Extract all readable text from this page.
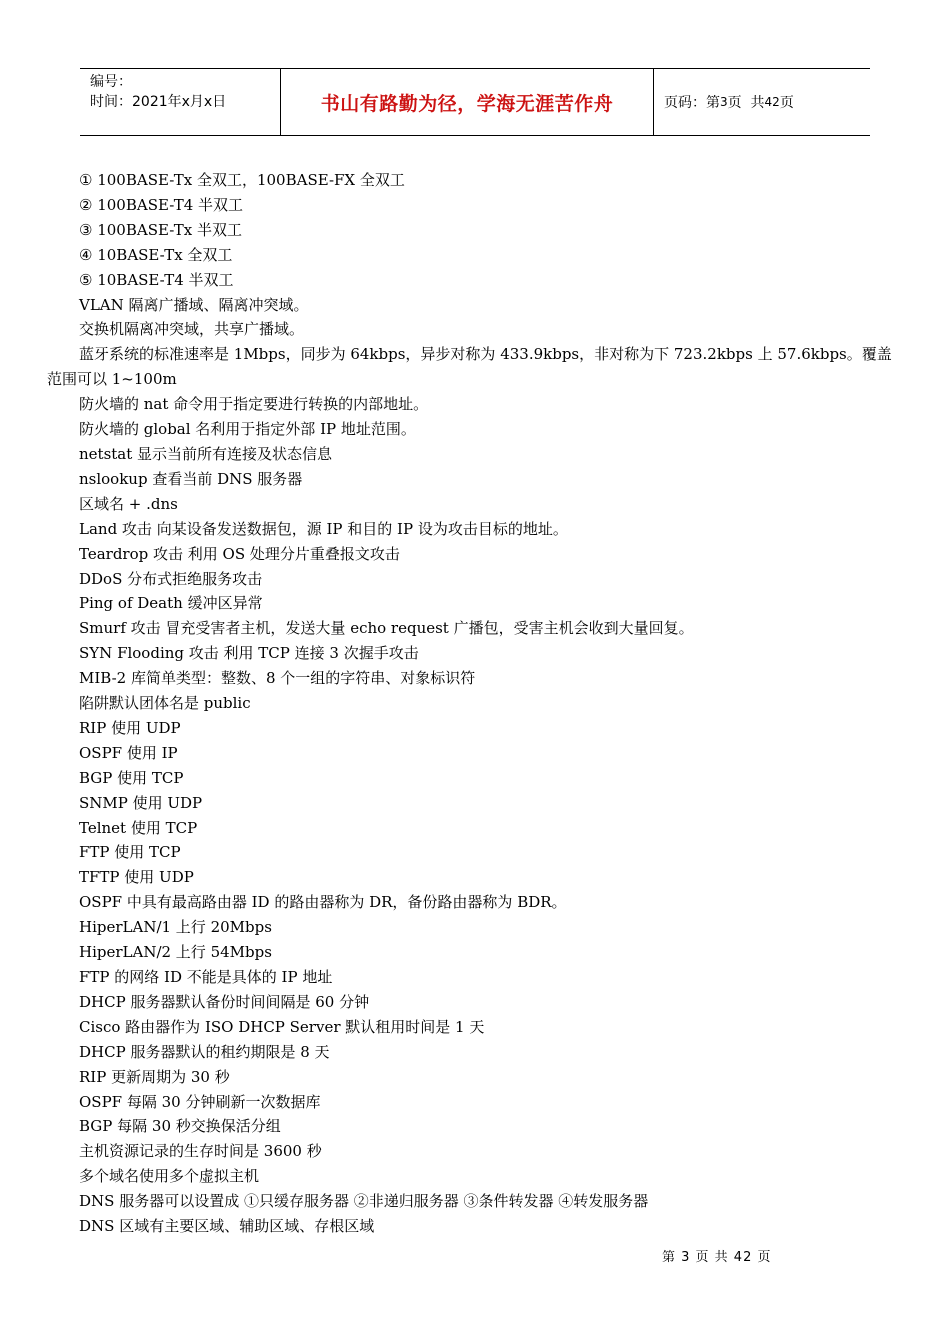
编号：
时间：2021年x月x日	书山有路勤为径，学海无涯苦作舟	页码：第 3 页  共 42 页
① 100BASE-Tx 全双工，100BASE-FX 全双工
② 100BASE-T4 半双工
③ 100BASE-Tx 半双工
④ 10BASE-Tx 全双工
⑤ 10BASE-T4 半双工
VLAN 隔离广播域、隔离冲突域。
交换机隔离冲突域，共享广播域。
蓝牙系统的标准速率是 1Mbps，同步为 64kbps，异步对称为 433.9kbps，非对称为下 723.2kbps 上 57.6kbps。覆盖范围可以 1~100m
防火墙的 nat 命令用于指定要进行转换的内部地址。
防火墙的 global 名利用于指定外部 IP 地址范围。
netstat 显示当前所有连接及状态信息
nslookup 查看当前 DNS 服务器
区域名 + .dns
Land 攻击 向某设备发送数据包，源 IP 和目的 IP 设为攻击目标的地址。
Teardrop 攻击 利用 OS 处理分片重叠报文攻击
DDoS 分布式拒绝服务攻击
Ping of Death 缓冲区异常
Smurf 攻击 冒充受害者主机，发送大量 echo request 广播包，受害主机会收到大量回复。
SYN Flooding 攻击 利用 TCP 连接 3 次握手攻击
MIB-2 库简单类型：整数、8 个一组的字符串、对象标识符
陷阱默认团体名是 public
RIP 使用 UDP
OSPF 使用 IP
BGP 使用 TCP
SNMP 使用 UDP
Telnet 使用 TCP
FTP 使用 TCP
TFTP 使用 UDP
OSPF 中具有最高路由器 ID 的路由器称为 DR，备份路由器称为 BDR。
HiperLAN/1 上行 20Mbps
HiperLAN/2 上行 54Mbps
FTP 的网络 ID 不能是具体的 IP 地址
DHCP 服务器默认备份时间间隔是 60 分钟
Cisco 路由器作为 ISO DHCP Server 默认租用时间是 1 天
DHCP 服务器默认的租约期限是 8 天
RIP 更新周期为 30 秒
OSPF 每隔 30 分钟刷新一次数据库
BGP 每隔 30 秒交换保活分组
主机资源记录的生存时间是 3600 秒
多个域名使用多个虚拟主机
DNS 服务器可以设置成 ①只缓存服务器 ②非递归服务器 ③条件转发器 ④转发服务器
DNS 区域有主要区域、辅助区域、存根区域
第 3 页 共 42 页
